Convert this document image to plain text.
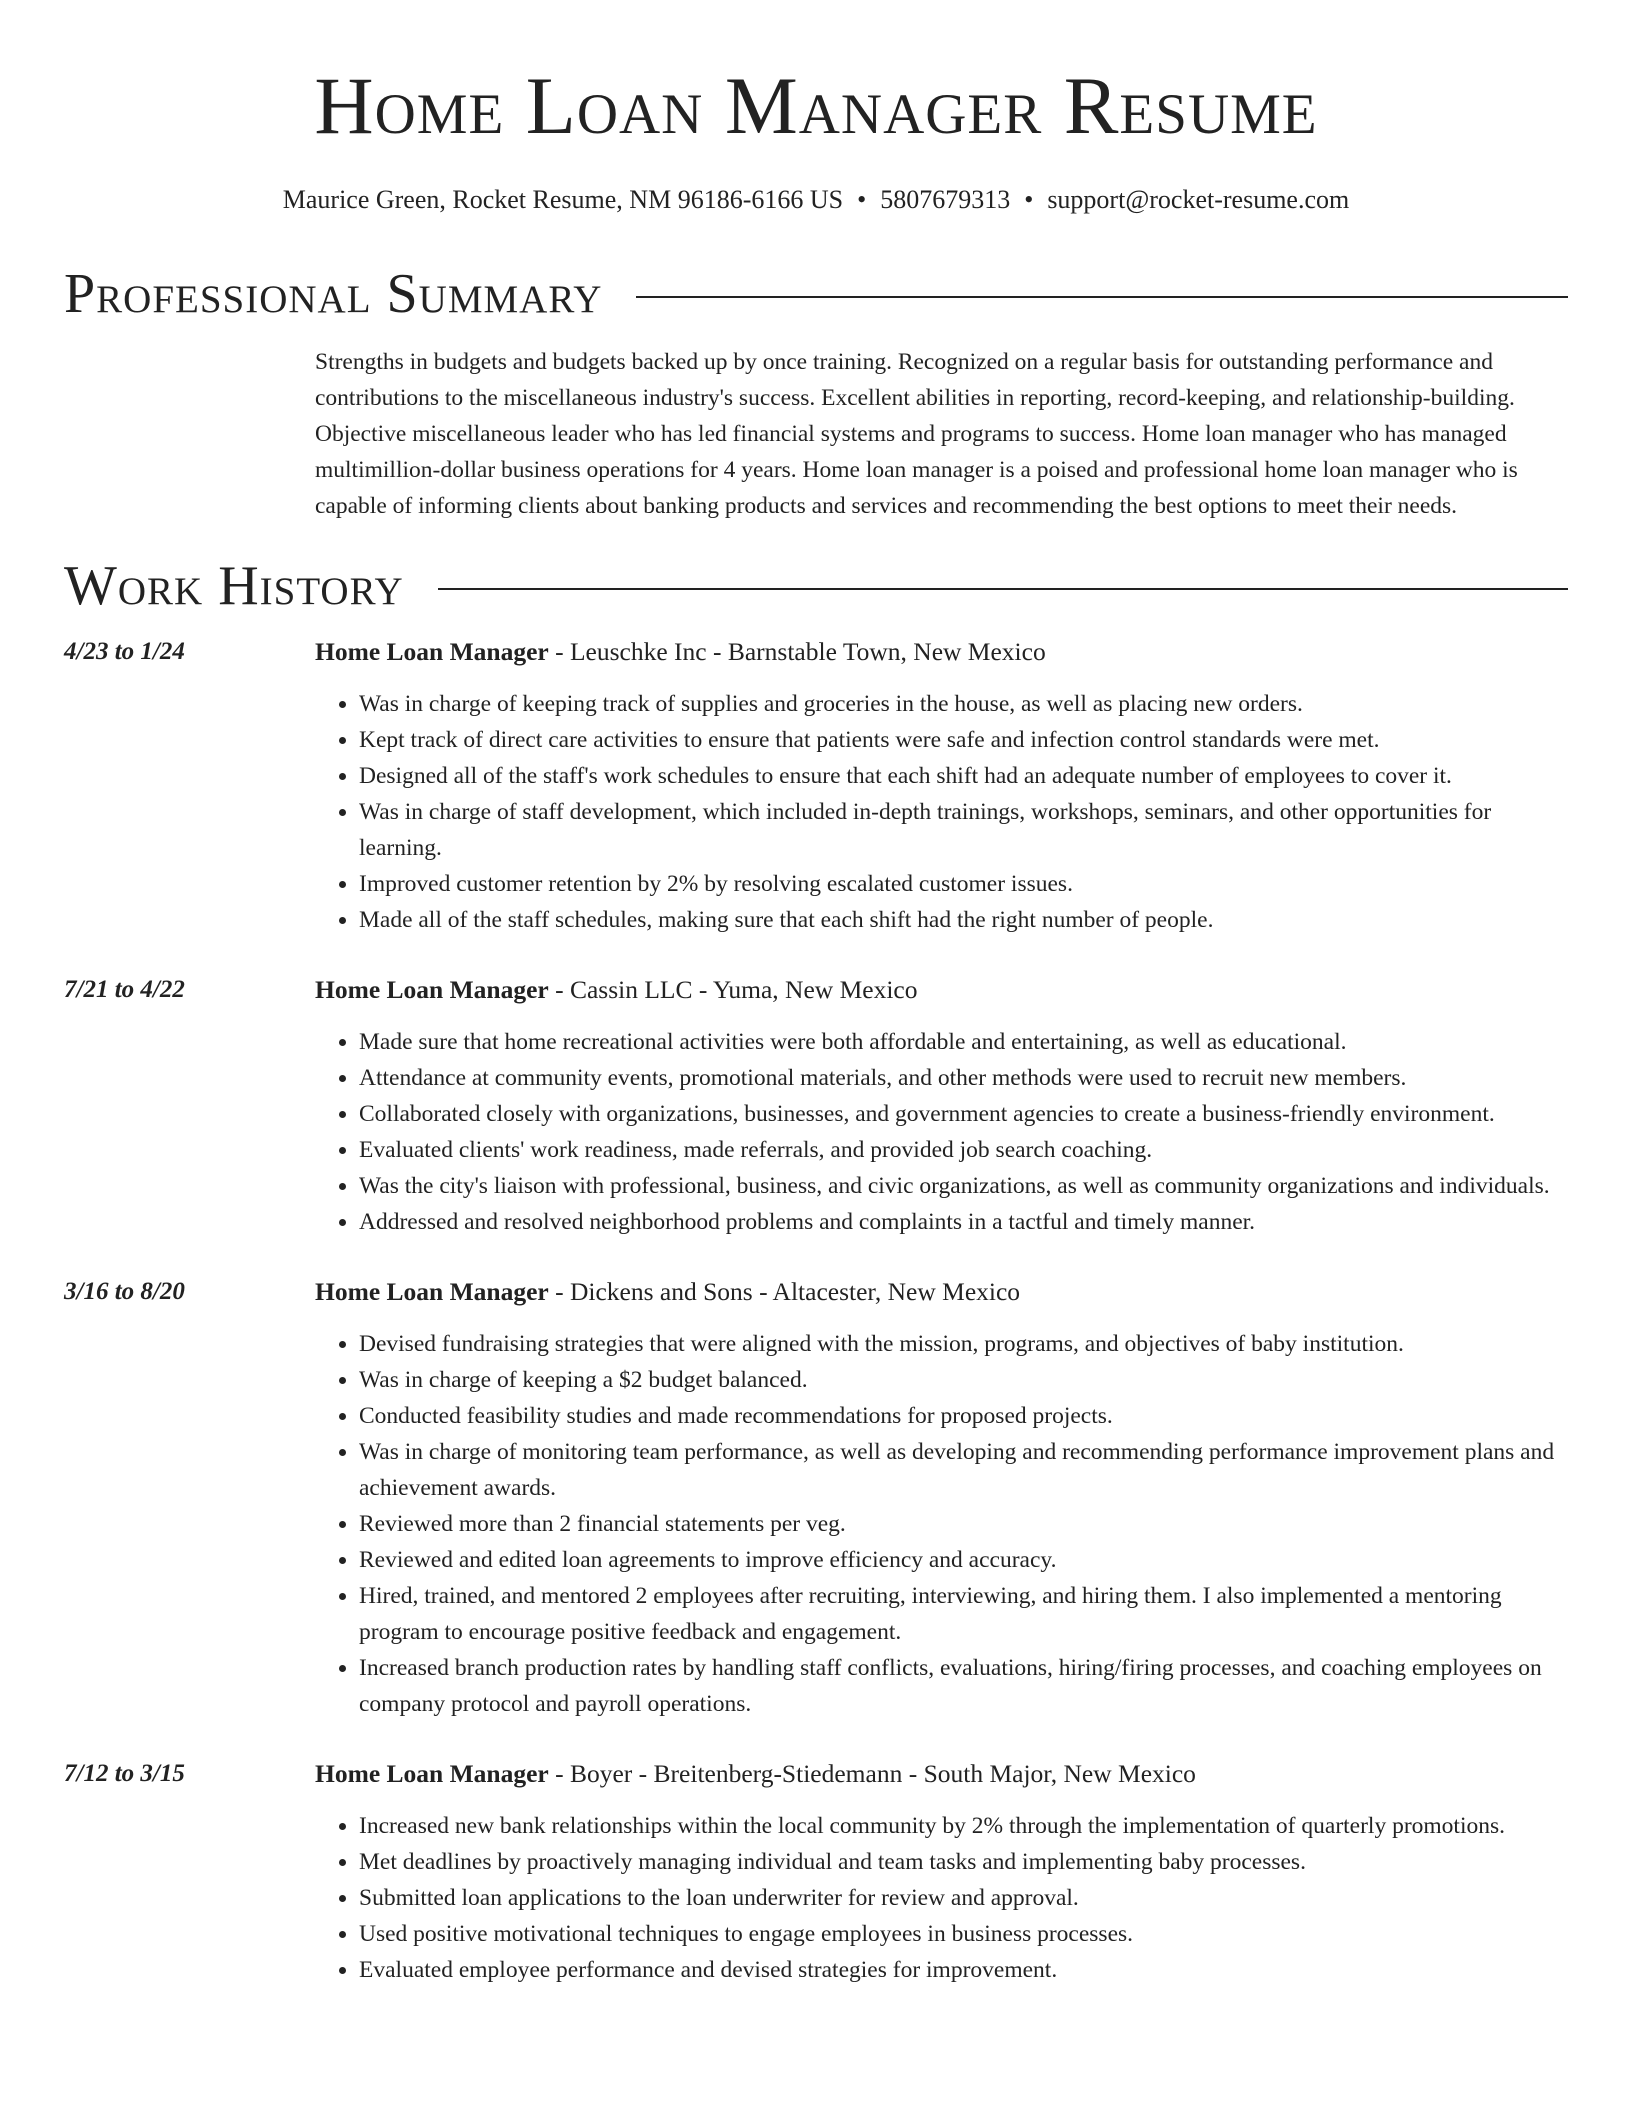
Home Loan Manager Resume
Maurice Green, Rocket Resume, NM 96186-6166 US • 5807679313 • support@rocket-resume.com
Professional Summary
Strengths in budgets and budgets backed up by once training. Recognized on a regular basis for outstanding performance and contributions to the miscellaneous industry's success. Excellent abilities in reporting, record-keeping, and relationship-building. Objective miscellaneous leader who has led financial systems and programs to success. Home loan manager who has managed multimillion-dollar business operations for 4 years. Home loan manager is a poised and professional home loan manager who is capable of informing clients about banking products and services and recommending the best options to meet their needs.
Work History
4/23 to 1/24	Home Loan Manager - Leuschke Inc - Barnstable Town, New Mexico
• Was in charge of keeping track of supplies and groceries in the house, as well as placing new orders.
• Kept track of direct care activities to ensure that patients were safe and infection control standards were met.
• Designed all of the staff's work schedules to ensure that each shift had an adequate number of employees to cover it.
• Was in charge of staff development, which included in-depth trainings, workshops, seminars, and other opportunities for learning.
• Improved customer retention by 2% by resolving escalated customer issues.
• Made all of the staff schedules, making sure that each shift had the right number of people.
7/21 to 4/22	Home Loan Manager - Cassin LLC - Yuma, New Mexico
• Made sure that home recreational activities were both affordable and entertaining, as well as educational.
• Attendance at community events, promotional materials, and other methods were used to recruit new members.
• Collaborated closely with organizations, businesses, and government agencies to create a business-friendly environment.
• Evaluated clients' work readiness, made referrals, and provided job search coaching.
• Was the city's liaison with professional, business, and civic organizations, as well as community organizations and individuals.
• Addressed and resolved neighborhood problems and complaints in a tactful and timely manner.
3/16 to 8/20	Home Loan Manager - Dickens and Sons - Altacester, New Mexico
• Devised fundraising strategies that were aligned with the mission, programs, and objectives of baby institution.
• Was in charge of keeping a $2 budget balanced.
• Conducted feasibility studies and made recommendations for proposed projects.
• Was in charge of monitoring team performance, as well as developing and recommending performance improvement plans and achievement awards.
• Reviewed more than 2 financial statements per veg.
• Reviewed and edited loan agreements to improve efficiency and accuracy.
• Hired, trained, and mentored 2 employees after recruiting, interviewing, and hiring them. I also implemented a mentoring program to encourage positive feedback and engagement.
• Increased branch production rates by handling staff conflicts, evaluations, hiring/firing processes, and coaching employees on company protocol and payroll operations.
7/12 to 3/15	Home Loan Manager - Boyer - Breitenberg-Stiedemann - South Major, New Mexico
• Increased new bank relationships within the local community by 2% through the implementation of quarterly promotions.
• Met deadlines by proactively managing individual and team tasks and implementing baby processes.
• Submitted loan applications to the loan underwriter for review and approval.
• Used positive motivational techniques to engage employees in business processes.
• Evaluated employee performance and devised strategies for improvement.
